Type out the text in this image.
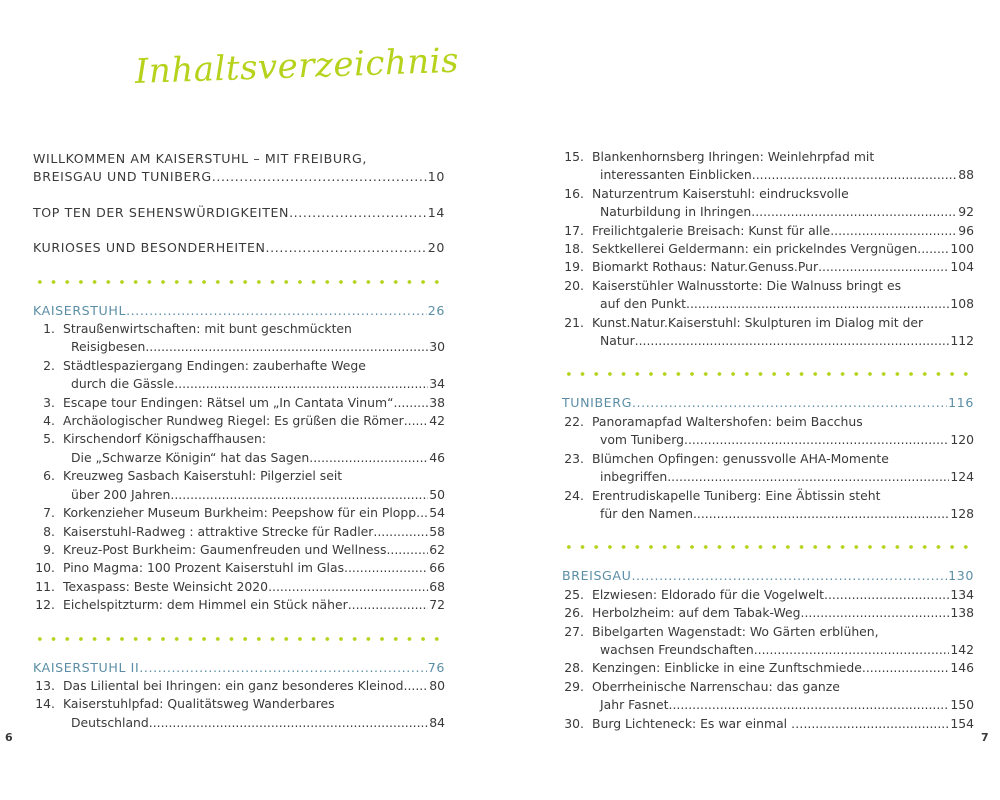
Inhaltsverzeichnis
WILLKOMMEN AM KAISERSTUHL – MIT FREIBURG,
BREISGAU UND TUNIBERG .....	10
TOP TEN DER SEHENSWÜRDIGKEITEN .....	14
KURIOSES UND BESONDERHEITEN .....	20
KAISERSTUHL .....	26
1. Straußenwirtschaften: mit bunt geschmückten
Reisigbesen .....	30
2. Städtlespaziergang Endingen: zauberhafte Wege
durch die Gässle .....	34
3. Escape tour Endingen: Rätsel um „In Cantata Vinum“ .....	38
4. Archäologischer Rundweg Riegel: Es grüßen die Römer ..... 42
5. Kirschendorf Königschaffhausen:
Die „Schwarze Königin“ hat das Sagen .....	46
6. Kreuzweg Sasbach Kaiserstuhl: Pilgerziel seit
über 200 Jahren .....	50
7. Korkenzieher Museum Burkheim: Peepshow für ein Plopp ..... 54
8. Kaiserstuhl-Radweg : attraktive Strecke für Radler .....	58
9. Kreuz-Post Burkheim: Gaumenfreuden und Wellness .....	62
10. Pino Magma: 100 Prozent Kaiserstuhl im Glas .....	66
11. Texaspass: Beste Weinsicht 2020 .....	68
12. Eichelspitzturm: dem Himmel ein Stück näher .....	72
KAISERSTUHL II .....	76
13. Das Liliental bei Ihringen: ein ganz besonderes Kleinod ..... 80
14. Kaiserstuhlpfad: Qualitätsweg Wanderbares
Deutschland .....	84
15. Blankenhornsberg Ihringen: Weinlehrpfad mit
interessanten Einblicken .....	88
16. Naturzentrum Kaiserstuhl: eindrucksvolle
Naturbildung in Ihringen .....	92
17. Freilichtgalerie Breisach: Kunst für alle .....	96
18. Sektkellerei Geldermann: ein prickelndes Vergnügen .....	100
19. Biomarkt Rothaus: Natur.Genuss.Pur .....	104
20. Kaiserstühler Walnusstorte: Die Walnuss bringt es
auf den Punkt .....	108
21. Kunst.Natur.Kaiserstuhl: Skulpturen im Dialog mit der
Natur .....	112
TUNIBERG .....	116
22. Panoramapfad Waltershofen: beim Bacchus
vom Tuniberg .....	120
23. Blümchen Opfingen: genussvolle AHA-Momente
inbegriffen .....	124
24. Erentrudiskapelle Tuniberg: Eine Äbtissin steht
für den Namen .....	128
BREISGAU .....	130
25. Elzwiesen: Eldorado für die Vogelwelt .....	134
26. Herbolzheim: auf dem Tabak-Weg .....	138
27. Bibelgarten Wagenstadt: Wo Gärten erblühen,
wachsen Freundschaften .....	142
28. Kenzingen: Einblicke in eine Zunftschmiede .....	146
29. Oberrheinische Narrenschau: das ganze
Jahr Fasnet .....	150
30. Burg Lichteneck: Es war einmal … .....	154
6	7
